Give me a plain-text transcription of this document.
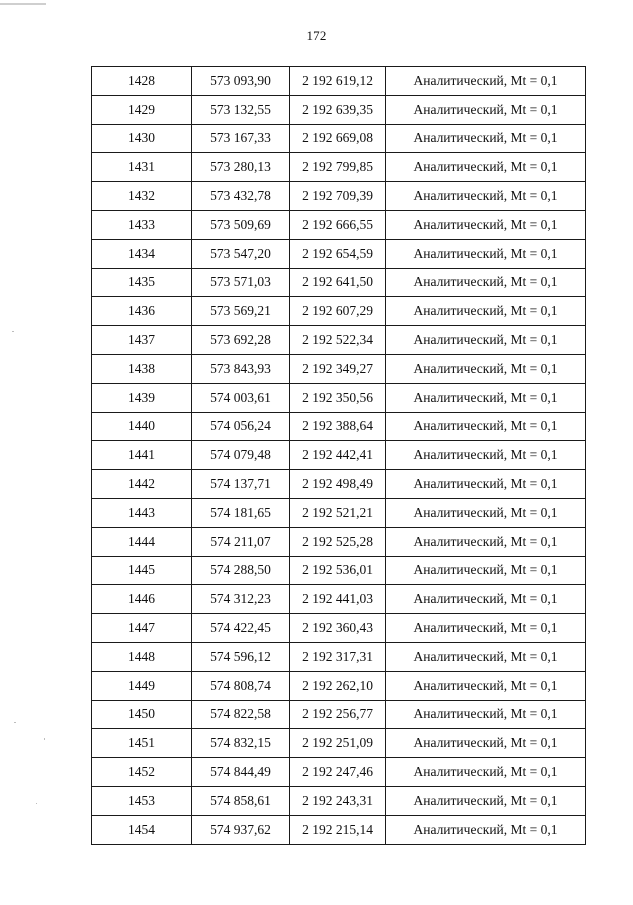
172
1428	573 093,90	2 192 619,12	Аналитический, Mt = 0,1
1429	573 132,55	2 192 639,35	Аналитический, Mt = 0,1
1430	573 167,33	2 192 669,08	Аналитический, Mt = 0,1
1431	573 280,13	2 192 799,85	Аналитический, Mt = 0,1
1432	573 432,78	2 192 709,39	Аналитический, Mt = 0,1
1433	573 509,69	2 192 666,55	Аналитический, Mt = 0,1
1434	573 547,20	2 192 654,59	Аналитический, Mt = 0,1
1435	573 571,03	2 192 641,50	Аналитический, Mt = 0,1
1436	573 569,21	2 192 607,29	Аналитический, Mt = 0,1
1437	573 692,28	2 192 522,34	Аналитический, Mt = 0,1
1438	573 843,93	2 192 349,27	Аналитический, Mt = 0,1
1439	574 003,61	2 192 350,56	Аналитический, Mt = 0,1
1440	574 056,24	2 192 388,64	Аналитический, Mt = 0,1
1441	574 079,48	2 192 442,41	Аналитический, Mt = 0,1
1442	574 137,71	2 192 498,49	Аналитический, Mt = 0,1
1443	574 181,65	2 192 521,21	Аналитический, Mt = 0,1
1444	574 211,07	2 192 525,28	Аналитический, Mt = 0,1
1445	574 288,50	2 192 536,01	Аналитический, Mt = 0,1
1446	574 312,23	2 192 441,03	Аналитический, Mt = 0,1
1447	574 422,45	2 192 360,43	Аналитический, Mt = 0,1
1448	574 596,12	2 192 317,31	Аналитический, Mt = 0,1
1449	574 808,74	2 192 262,10	Аналитический, Mt = 0,1
1450	574 822,58	2 192 256,77	Аналитический, Mt = 0,1
1451	574 832,15	2 192 251,09	Аналитический, Mt = 0,1
1452	574 844,49	2 192 247,46	Аналитический, Mt = 0,1
1453	574 858,61	2 192 243,31	Аналитический, Mt = 0,1
1454	574 937,62	2 192 215,14	Аналитический, Mt = 0,1
